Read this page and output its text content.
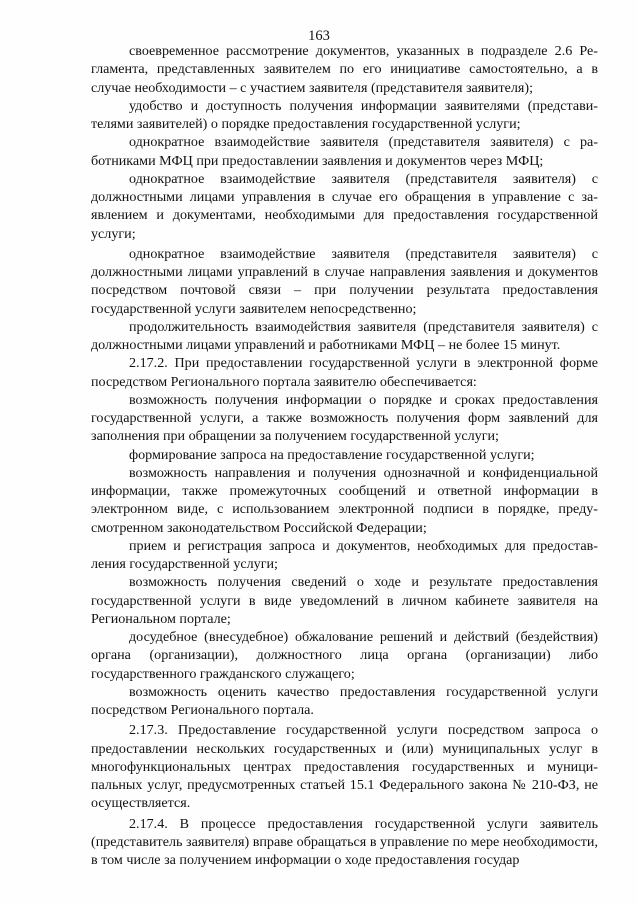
163

своевременное рассмотрение документов, указанных в подразделе 2.6 Регламента, представленных заявителем по его инициативе самостоятельно, а в случае необходимости – с участием заявителя (представителя заявителя);

удобство и доступность получения информации заявителями (представителями заявителей) о порядке предоставления государственной услуги;

однократное взаимодействие заявителя (представителя заявителя) с работниками МФЦ при предоставлении заявления и документов через МФЦ;

однократное взаимодействие заявителя (представителя заявителя) с должностными лицами управления в случае его обращения в управление с заявлением и документами, необходимыми для предоставления государственной услуги;

однократное взаимодействие заявителя (представителя заявителя) с должностными лицами управлений в случае направления заявления и документов посредством почтовой связи – при получении результата предоставления государственной услуги заявителем непосредственно;

продолжительность взаимодействия заявителя (представителя заявителя) с должностными лицами управлений и работниками МФЦ – не более 15 минут.

2.17.2. При предоставлении государственной услуги в электронной форме посредством Регионального портала заявителю обеспечивается:

возможность получения информации о порядке и сроках предоставления государственной услуги, а также возможность получения форм заявлений для заполнения при обращении за получением государственной услуги;

формирование запроса на предоставление государственной услуги;

возможность направления и получения однозначной и конфиденциальной информации, также промежуточных сообщений и ответной информации в электронном виде, с использованием электронной подписи в порядке, предусмотренном законодательством Российской Федерации;

прием и регистрация запроса и документов, необходимых для предоставления государственной услуги;

возможность получения сведений о ходе и результате предоставления государственной услуги в виде уведомлений в личном кабинете заявителя на Региональном портале;

досудебное (внесудебное) обжалование решений и действий (бездействия) органа (организации), должностного лица органа (организации) либо государственного гражданского служащего;

возможность оценить качество предоставления государственной услуги посредством Регионального портала.

2.17.3. Предоставление государственной услуги посредством запроса о предоставлении нескольких государственных и (или) муниципальных услуг в многофункциональных центрах предоставления государственных и муниципальных услуг, предусмотренных статьей 15.1 Федерального закона № 210-ФЗ, не осуществляется.

2.17.4. В процессе предоставления государственной услуги заявитель (представитель заявителя) вправе обращаться в управление по мере необходимости, в том числе за получением информации о ходе предоставления государ
